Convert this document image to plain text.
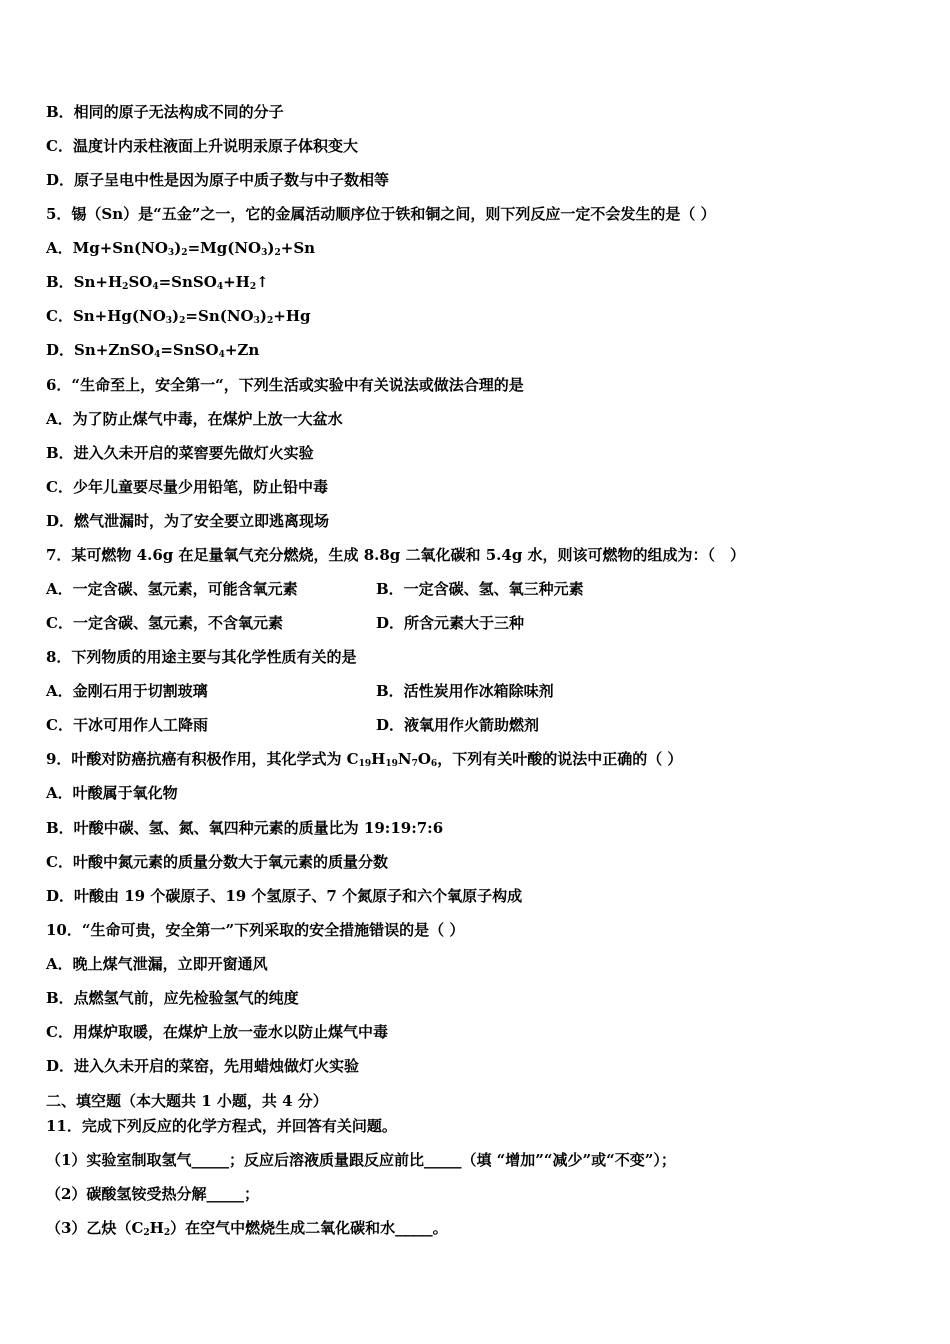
B．相同的原子无法构成不同的分子
C．温度计内汞柱液面上升说明汞原子体积变大
D．原子呈电中性是因为原子中质子数与中子数相等
5．锡（Sn）是“五金”之一，它的金属活动顺序位于铁和铜之间，则下列反应一定不会发生的是（ ）
A．$Mg+Sn(NO_3)_2=Mg(NO_3)_2+Sn$
B．$Sn+H_2SO_4=SnSO_4+H_2↑$
C．$Sn+Hg(NO_3)_2=Sn(NO_3)_2+Hg$
D．Sn+ZnSO$_4$=SnSO$_4$+Zn
6．“生命至上，安全第一“，下列生活或实验中有关说法或做法合理的是
A．为了防止煤气中毒，在煤炉上放一大盆水
B．进入久未开启的菜窖要先做灯火实验
C．少年儿童要尽量少用铅笔，防止铅中毒
D．燃气泄漏时，为了安全要立即逃离现场
7．某可燃物 4.6g 在足量氧气充分燃烧，生成 8.8g 二氧化碳和 5.4g 水，则该可燃物的组成为：（　）
A．一定含碳、氢元素，可能含氧元素	B．一定含碳、氢、氧三种元素
C．一定含碳、氢元素，不含氧元素	D．所含元素大于三种
8．下列物质的用途主要与其化学性质有关的是
A．金刚石用于切割玻璃	B．活性炭用作冰箱除味剂
C．干冰可用作人工降雨	D．液氧用作火箭助燃剂
9．叶酸对防癌抗癌有积极作用，其化学式为 $C_{19}H_{19}N_7O_6$，下列有关叶酸的说法中正确的（ ）
A．叶酸属于氧化物
B．叶酸中碳、氢、氮、氧四种元素的质量比为 19:19:7:6
C．叶酸中氮元素的质量分数大于氧元素的质量分数
D．叶酸由 19 个碳原子、19 个氢原子、7 个氮原子和六个氧原子构成
10．“生命可贵，安全第一”下列采取的安全措施错误的是（ ）
A．晚上煤气泄漏，立即开窗通风
B．点燃氢气前，应先检验氢气的纯度
C．用煤炉取暖，在煤炉上放一壶水以防止煤气中毒
D．进入久未开启的菜窑，先用蜡烛做灯火实验
二、填空题（本大题共 1 小题，共 4 分）
11．完成下列反应的化学方程式，并回答有关问题。
（1）实验室制取氢气_____；反应后溶液质量跟反应前比_____（填 “增加”“减少”或“不变”）；
（2）碳酸氢铵受热分解_____；
（3）乙炔$(C_2H_2)$在空气中燃烧生成二氧化碳和水_____。
